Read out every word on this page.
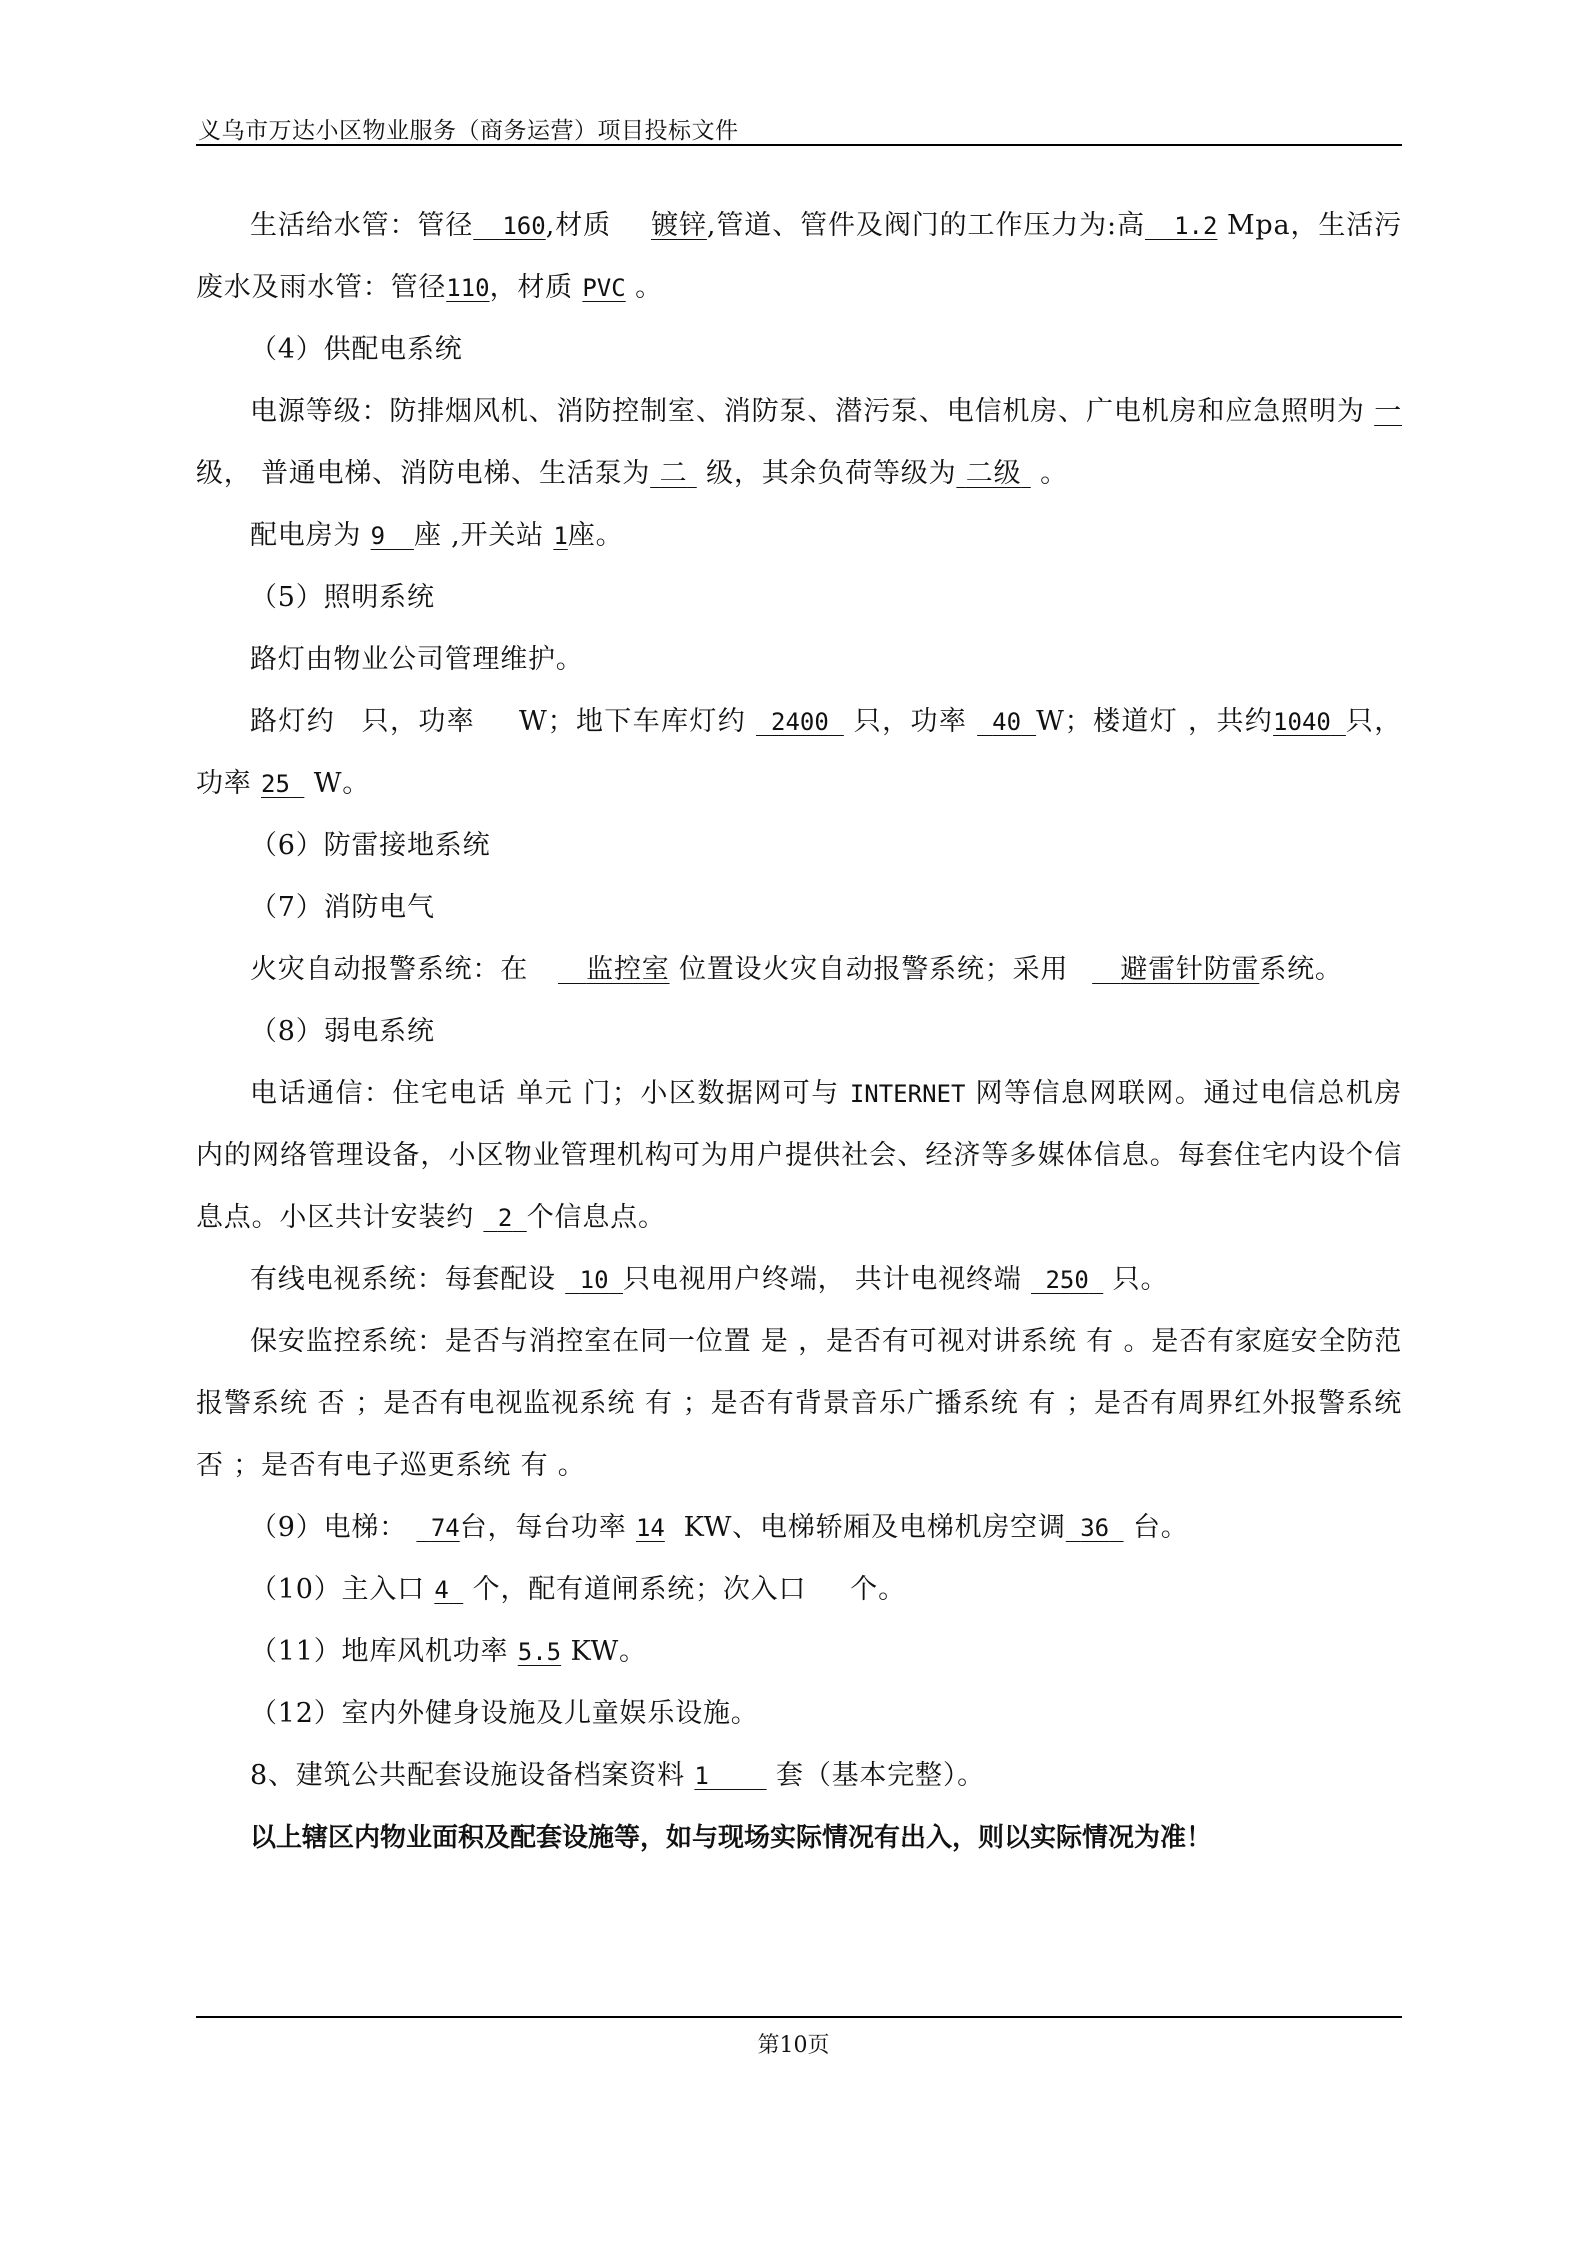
义乌市万达小区物业服务（商务运营）项目投标文件

生活给水管：管径 160,材质 镀锌,管道、管件及阀门的工作压力为:高 1.2 Mpa，生活污废水及雨水管：管径110，材质 PVC 。

（4）供配电系统

电源等级：防排烟风机、消防控制室、消防泵、潜污泵、电信机房、广电机房和应急照明为 一级， 普通电梯、消防电梯、生活泵为 二 级，其余负荷等级为 二级 。

配电房为 9 座 ,开关站 1座。

（5）照明系统

路灯由物业公司管理维护。

路灯约 只，功率 W；地下车库灯约 2400 只，功率 40 W；楼道灯 ，共约1040 只，功率 25 W。

（6）防雷接地系统

（7）消防电气

火灾自动报警系统：在 监控室 位置设火灾自动报警系统；采用 避雷针防雷系统。

（8）弱电系统

电话通信：住宅电话 单元 门；小区数据网可与 INTERNET 网等信息网联网。通过电信总机房内的网络管理设备，小区物业管理机构可为用户提供社会、经济等多媒体信息。每套住宅内设个信息点。小区共计安装约 2 个信息点。

有线电视系统：每套配设 10 只电视用户终端， 共计电视终端 250 只。

保安监控系统：是否与消控室在同一位置 是 ，是否有可视对讲系统 有 。是否有家庭安全防范报警系统 否 ；是否有电视监视系统 有 ；是否有背景音乐广播系统 有 ；是否有周界红外报警系统 否 ；是否有电子巡更系统 有 。

（9）电梯： 74台，每台功率 14 KW、电梯轿厢及电梯机房空调 36 台。

（10）主入口 4 个，配有道闸系统；次入口 个。

（11）地库风机功率 5.5 KW。

（12）室内外健身设施及儿童娱乐设施。

8、建筑公共配套设施设备档案资料 1 套（基本完整）。

以上辖区内物业面积及配套设施等，如与现场实际情况有出入，则以实际情况为准！

第10页
